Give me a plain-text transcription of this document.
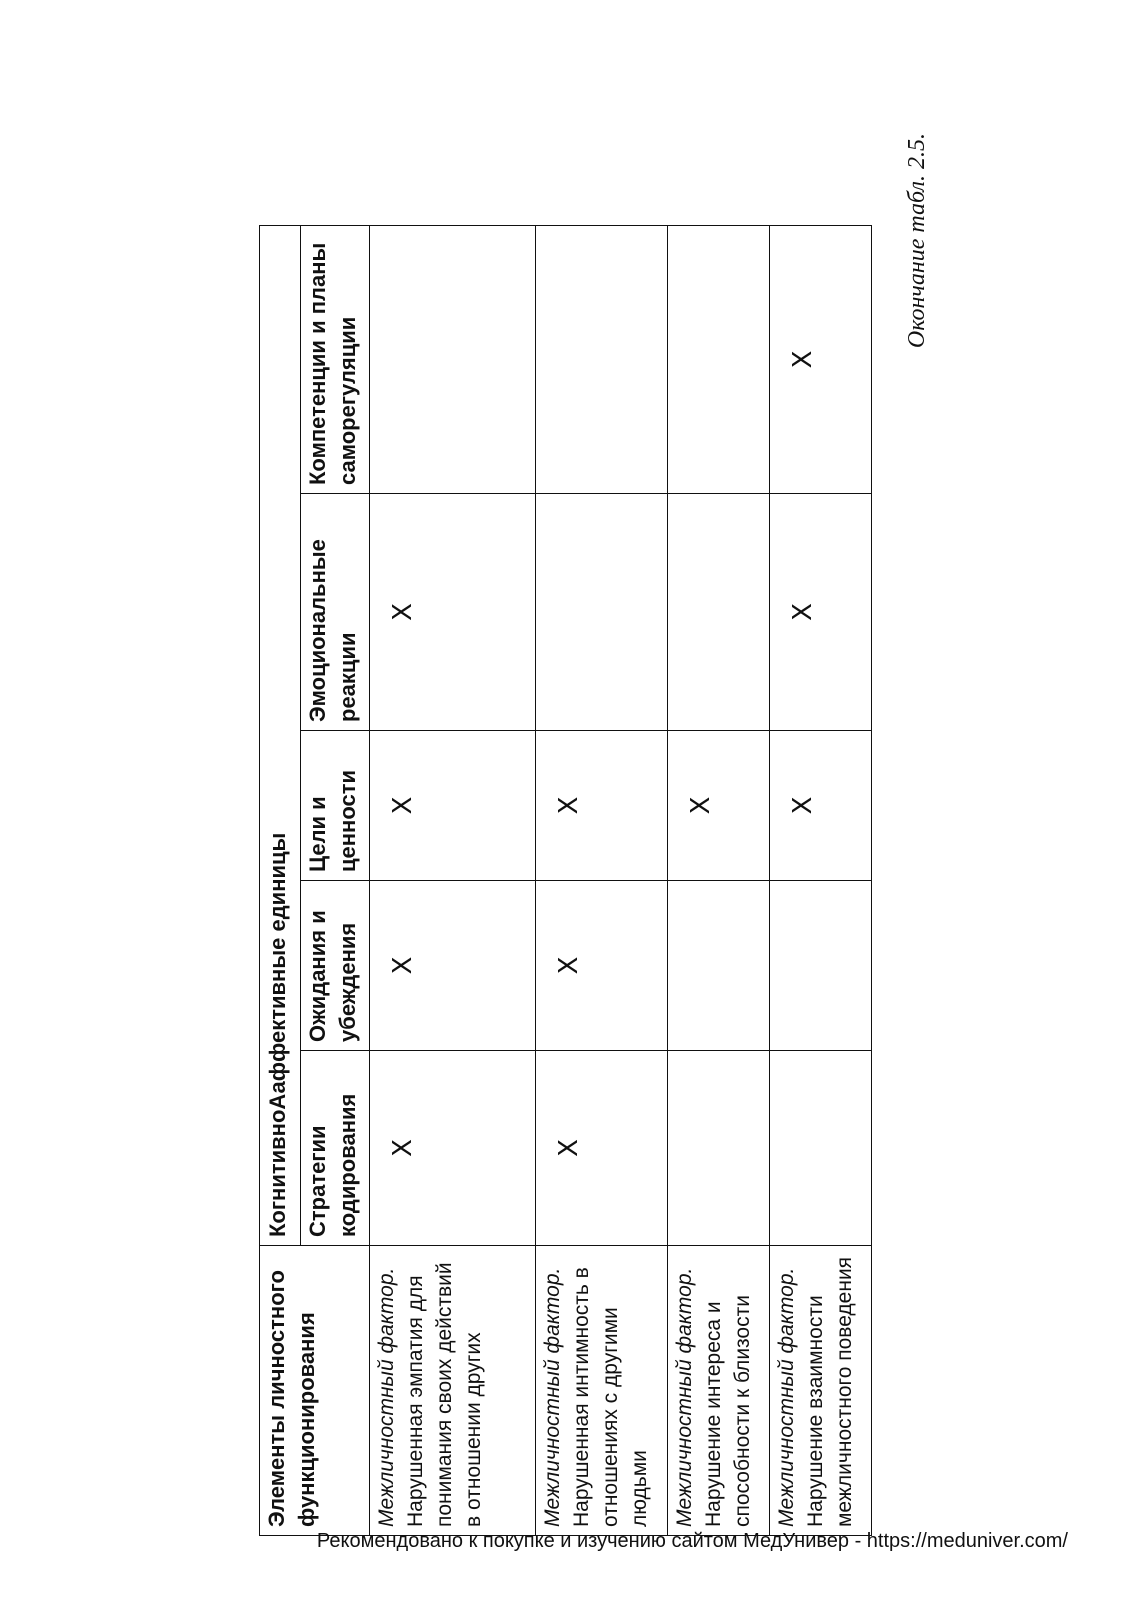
Окончание табл. 2.5.
Элементы личностного функционирования	КогнитивноАаффективные единицы				
	Стратегии кодирования	Ожидания и убеждения	Цели и ценности	Эмоциональные реакции	Компетенции и планы саморегуляции

Межличностный фактор. Нарушенная эмпатия для понимания своих действий в отношении других	X	X	X	X	

Межличностный фактор. Нарушенная интимность в отношениях с другими людьми	X	X	X		

Межличностный фактор. Нарушение интереса и способности к близости			X		

Межличностный фактор. Нарушение взаимности межличностного поведения			X	X	X
Рекомендовано к покупке и изучению сайтом МедУнивер - https://meduniver.com/
